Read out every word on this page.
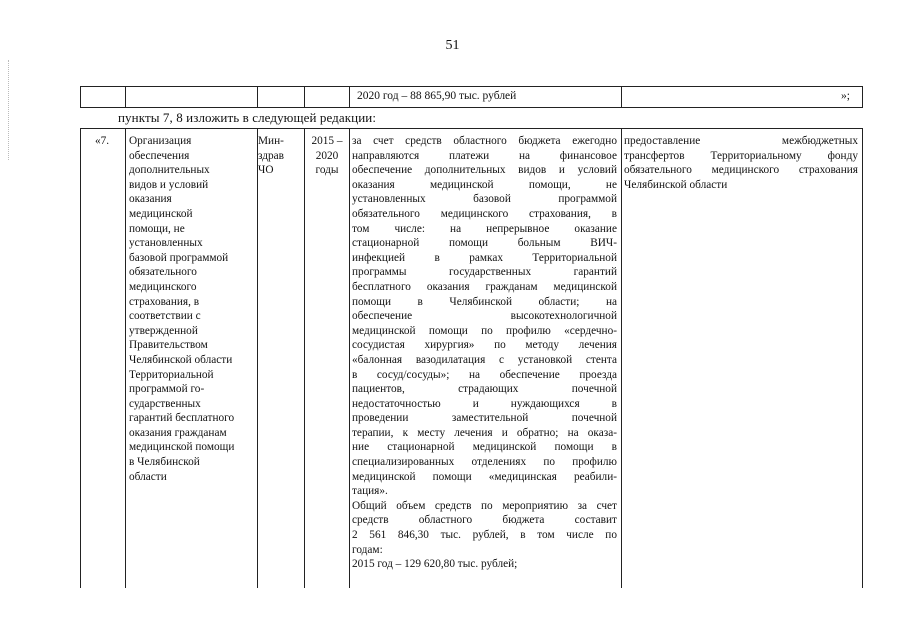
51
2020 год – 88 865,90 тыс. рублей	»;
пункты 7, 8 изложить в следующей редакции:
«7.	Организация
обеспечения
дополнительных
видов и условий
оказания
медицинской
помощи, не
установленных
базовой программой
обязательного
медицинского
страхования, в
соответствии с
утвержденной
Правительством
Челябинской области
Территориальной
программой го-
сударственных
гарантий бесплатного
оказания гражданам
медицинской помощи
в Челябинской
области
Мин-
здрав
ЧО
2015 –
2020
годы
за счет средств областного бюджета ежегодно
направляются платежи на финансовое
обеспечение дополнительных видов и условий
оказания медицинской помощи, не
установленных базовой программой
обязательного медицинского страхования, в
том числе: на непрерывное оказание
стационарной помощи больным ВИЧ-
инфекцией в рамках Территориальной
программы государственных гарантий
бесплатного оказания гражданам медицинской
помощи в Челябинской области; на
обеспечение высокотехнологичной
медицинской помощи по профилю «сердечно-
сосудистая хирургия» по методу лечения
«балонная вазодилатация с установкой стента
в сосуд/сосуды»; на обеспечение проезда
пациентов, страдающих почечной
недостаточностью и нуждающихся в
проведении заместительной почечной
терапии, к месту лечения и обратно; на оказа-
ние стационарной медицинской помощи в
специализированных отделениях по профилю
медицинской помощи «медицинская реабили-
тация».
Общий объем средств по мероприятию за счет
средств областного бюджета составит
2 561 846,30 тыс. рублей, в том числе по
годам:
2015 год – 129 620,80 тыс. рублей;
предоставление межбюджетных
трансфертов Территориальному фонду
обязательного медицинского страхования
Челябинской области
